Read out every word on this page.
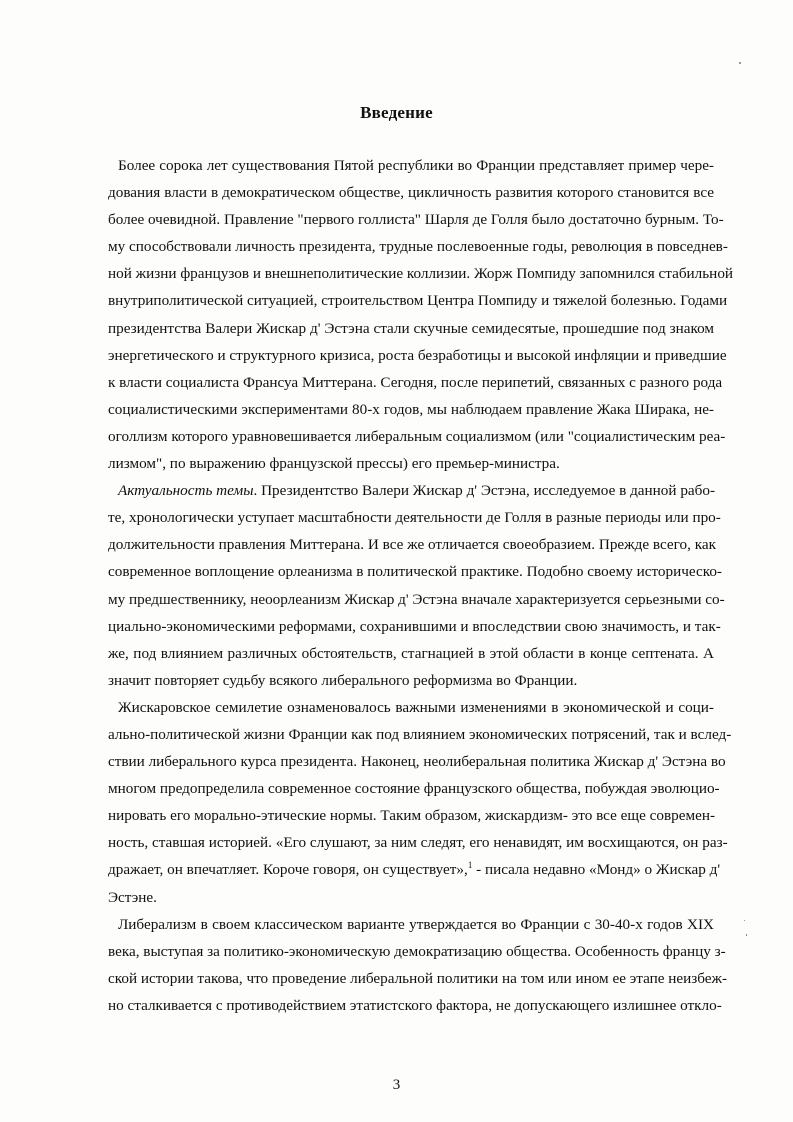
Введение
Более сорока лет существования Пятой республики во Франции представляет пример чере-
дования власти в демократическом обществе, цикличность развития которого становится все
более очевидной. Правление "первого голлиста" Шарля де Голля было достаточно бурным. То-
му способствовали личность президента, трудные послевоенные годы, революция в повседнев-
ной жизни французов и внешнеполитические коллизии. Жорж Помпиду запомнился стабильной
внутриполитической ситуацией, строительством Центра Помпиду и тяжелой болезнью. Годами
президентства Валери Жискар д' Эстэна стали скучные семидесятые, прошедшие под знаком
энергетического и структурного кризиса, роста безработицы и высокой инфляции и приведшие
к власти социалиста Франсуа Миттерана. Сегодня, после перипетий, связанных с разного рода
социалистическими экспериментами 80-х годов, мы наблюдаем правление Жака Ширака, не-
оголлизм которого уравновешивается либеральным социализмом (или "социалистическим реа-
лизмом", по выражению французской прессы) его премьер-министра.
Актуальность темы. Президентство Валери Жискар д' Эстэна, исследуемое в данной рабо-
те, хронологически уступает масштабности деятельности де Голля в разные периоды или про-
должительности правления Миттерана. И все же отличается своеобразием. Прежде всего, как
современное воплощение орлеанизма в политической практике. Подобно своему историческо-
му предшественнику, неоорлеанизм Жискар д' Эстэна вначале характеризуется серьезными со-
циально-экономическими реформами, сохранившими и впоследствии свою значимость, и так-
же, под влиянием различных обстоятельств, стагнацией в этой области в конце септената. А
значит повторяет судьбу всякого либерального реформизма во Франции.
Жискаровское семилетие ознаменовалось важными изменениями в экономической и соци-
ально-политической жизни Франции как под влиянием экономических потрясений, так и вслед-
ствии либерального курса президента. Наконец, неолиберальная политика Жискар д' Эстэна во
многом предопределила современное состояние французского общества, побуждая эволюцио-
нировать его морально-этические нормы. Таким образом, жискардизм- это все еще современ-
ность, ставшая историей. «Его слушают, за ним следят, его ненавидят, им восхищаются, он раз-
дражает, он впечатляет. Короче говоря, он существует»,$^1$ - писала недавно «Монд» о Жискар д'
Эстэне.
Либерализм в своем классическом варианте утверждается во Франции с 30-40-х годов XIX
века, выступая за политико-экономическую демократизацию общества. Особенность францу з-
ской истории такова, что проведение либеральной политики на том или ином ее этапе неизбеж-
но сталкивается с противодействием этатистского фактора, не допускающего излишнее откло-
3
